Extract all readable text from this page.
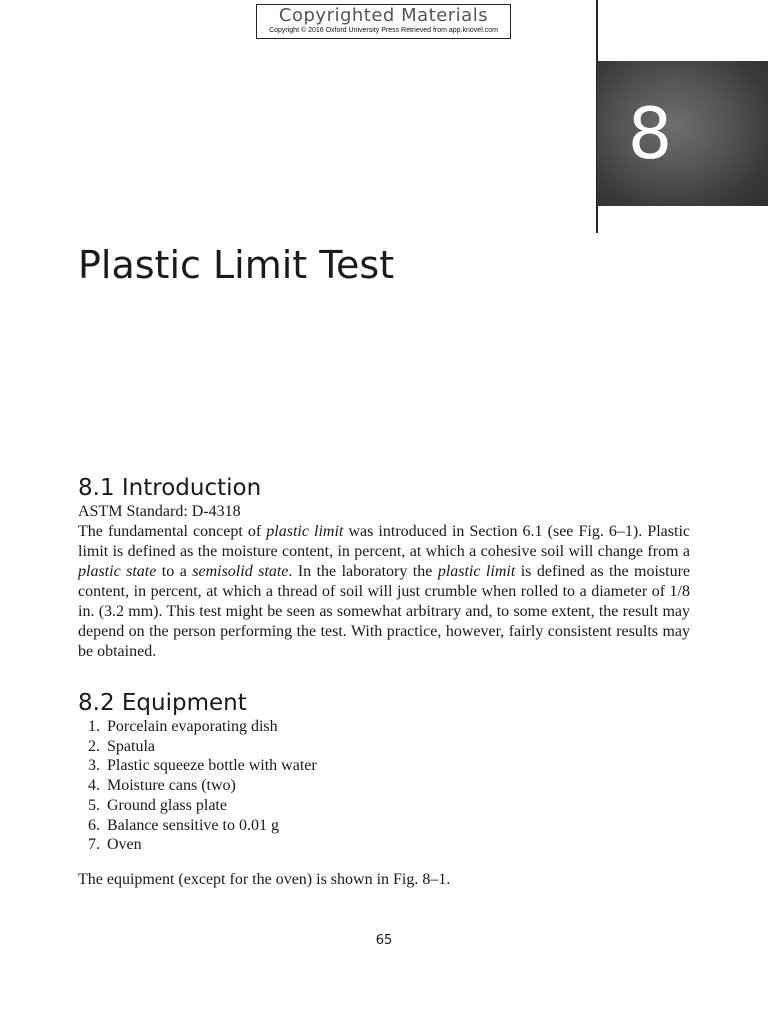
Copyrighted Materials
Copyright © 2016 Oxford University Press Retrieved from app.knovel.com
8
Plastic Limit Test
8.1 Introduction

ASTM Standard: D-4318

The fundamental concept of plastic limit was introduced in Section 6.1 (see Fig. 6–1). Plastic limit is defined as the moisture content, in percent, at which a cohesive soil will change from a plastic state to a semisolid state. In the laboratory the plastic limit is defined as the moisture content, in percent, at which a thread of soil will just crumble when rolled to a diameter of 1/8 in. (3.2 mm). This test might be seen as somewhat arbitrary and, to some extent, the result may depend on the person performing the test. With practice, however, fairly consistent results may be obtained.

8.2 Equipment
1. Porcelain evaporating dish
2. Spatula
3. Plastic squeeze bottle with water
4. Moisture cans (two)
5. Ground glass plate
6. Balance sensitive to 0.01 g
7. Oven

The equipment (except for the oven) is shown in Fig. 8–1.

65
